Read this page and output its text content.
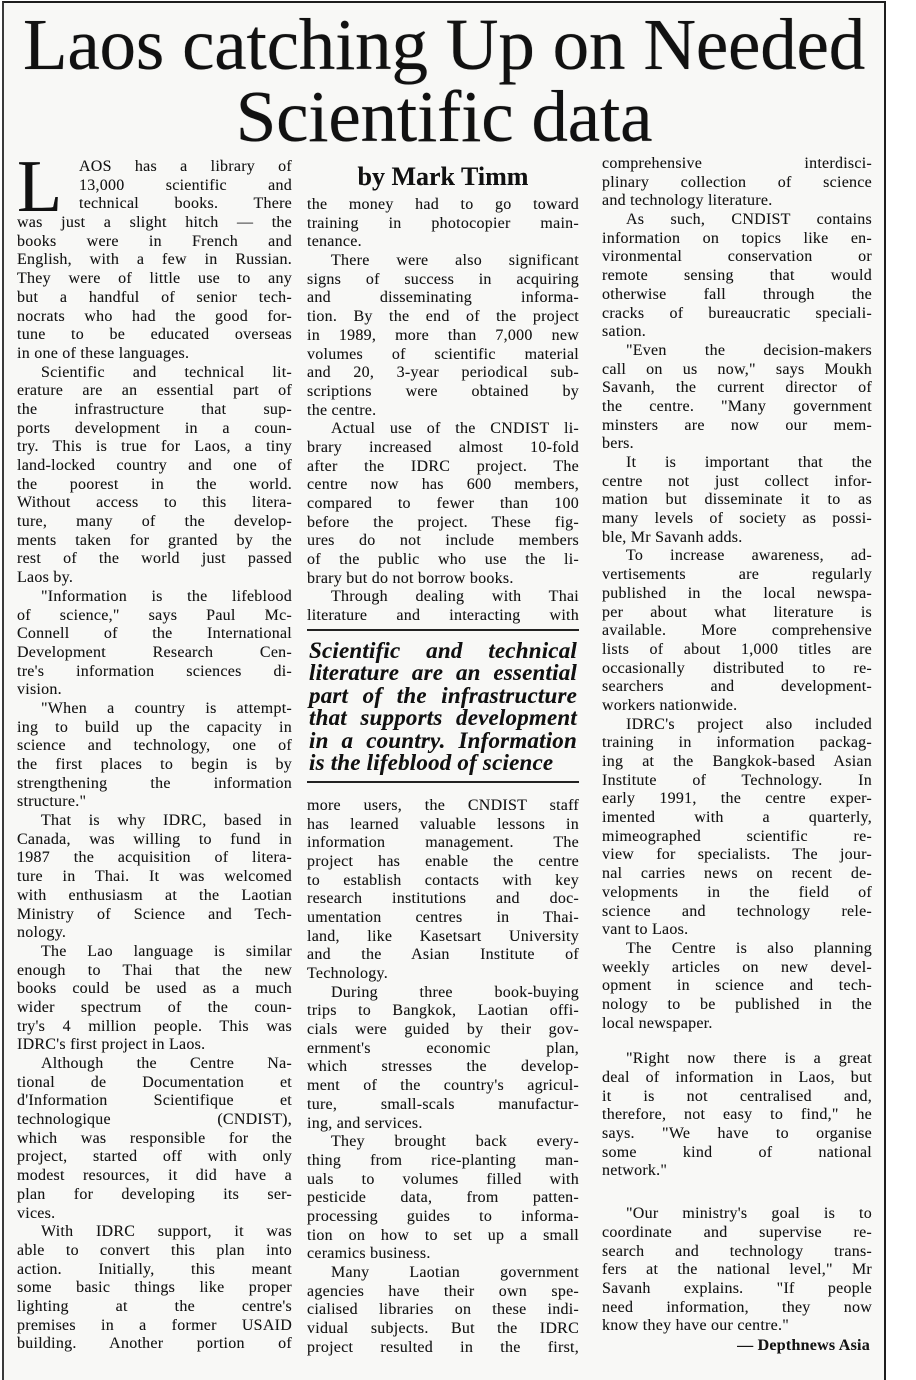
Laos catching Up on Needed
Scientific data
L	AOS has a library of
13,000 scientific and
technical books. There
was just a slight hitch — the
books were in French and
English, with a few in Russian.
They were of little use to any
but a handful of senior tech-
nocrats who had the good for-
tune to be educated overseas
in one of these languages.
Scientific and technical lit-
erature are an essential part of
the infrastructure that sup-
ports development in a coun-
try. This is true for Laos, a tiny
land-locked country and one of
the poorest in the world.
Without access to this litera-
ture, many of the develop-
ments taken for granted by the
rest of the world just passed
Laos by.
"Information is the lifeblood
of science," says Paul Mc-
Connell of the International
Development Research Cen-
tre's information sciences di-
vision.
"When a country is attempt-
ing to build up the capacity in
science and technology, one of
the first places to begin is by
strengthening the information
structure."
That is why IDRC, based in
Canada, was willing to fund in
1987 the acquisition of litera-
ture in Thai. It was welcomed
with enthusiasm at the Laotian
Ministry of Science and Tech-
nology.
The Lao language is similar
enough to Thai that the new
books could be used as a much
wider spectrum of the coun-
try's 4 million people. This was
IDRC's first project in Laos.
Although the Centre Na-
tional de Documentation et
d'Information Scientifique et
technologique (CNDIST),
which was responsible for the
project, started off with only
modest resources, it did have a
plan for developing its ser-
vices.
With IDRC support, it was
able to convert this plan into
action. Initially, this meant
some basic things like proper
lighting at the centre's
premises in a former USAID
building. Another portion of
by Mark Timm
the money had to go toward
training in photocopier main-
tenance.
There were also significant
signs of success in acquiring
and disseminating informa-
tion. By the end of the project
in 1989, more than 7,000 new
volumes of scientific material
and 20, 3-year periodical sub-
scriptions were obtained by
the centre.
Actual use of the CNDIST li-
brary increased almost 10-fold
after the IDRC project. The
centre now has 600 members,
compared to fewer than 100
before the project. These fig-
ures do not include members
of the public who use the li-
brary but do not borrow books.
Through dealing with Thai
literature and interacting with
Scientific and technical
literature are an essential
part of the infrastructure
that supports development
in a country. Information
is the lifeblood of science
more users, the CNDIST staff
has learned valuable lessons in
information management. The
project has enable the centre
to establish contacts with key
research institutions and doc-
umentation centres in Thai-
land, like Kasetsart University
and the Asian Institute of
Technology.
During three book-buying
trips to Bangkok, Laotian offi-
cials were guided by their gov-
ernment's economic plan,
which stresses the develop-
ment of the country's agricul-
ture, small-scals manufactur-
ing, and services.
They brought back every-
thing from rice-planting man-
uals to volumes filled with
pesticide data, from patten-
processing guides to informa-
tion on how to set up a small
ceramics business.
Many Laotian government
agencies have their own spe-
cialised libraries on these indi-
vidual subjects. But the IDRC
project resulted in the first,
comprehensive interdisci-
plinary collection of science
and technology literature.
As such, CNDIST contains
information on topics like en-
vironmental conservation or
remote sensing that would
otherwise fall through the
cracks of bureaucratic speciali-
sation.
"Even the decision-makers
call on us now," says Moukh
Savanh, the current director of
the centre. "Many government
minsters are now our mem-
bers.
It is important that the
centre not just collect infor-
mation but disseminate it to as
many levels of society as possi-
ble, Mr Savanh adds.
To increase awareness, ad-
vertisements are regularly
published in the local newspa-
per about what literature is
available. More comprehensive
lists of about 1,000 titles are
occasionally distributed to re-
searchers and development-
workers nationwide.
IDRC's project also included
training in information packag-
ing at the Bangkok-based Asian
Institute of Technology. In
early 1991, the centre exper-
imented with a quarterly,
mimeographed scientific re-
view for specialists. The jour-
nal carries news on recent de-
velopments in the field of
science and technology rele-
vant to Laos.
The Centre is also planning
weekly articles on new devel-
opment in science and tech-
nology to be published in the
local newspaper.
"Right now there is a great
deal of information in Laos, but
it is not centralised and,
therefore, not easy to find," he
says. "We have to organise
some kind of national
network."
"Our ministry's goal is to
coordinate and supervise re-
search and technology trans-
fers at the national level," Mr
Savanh explains. "If people
need information, they now
know they have our centre."
— Depthnews Asia
